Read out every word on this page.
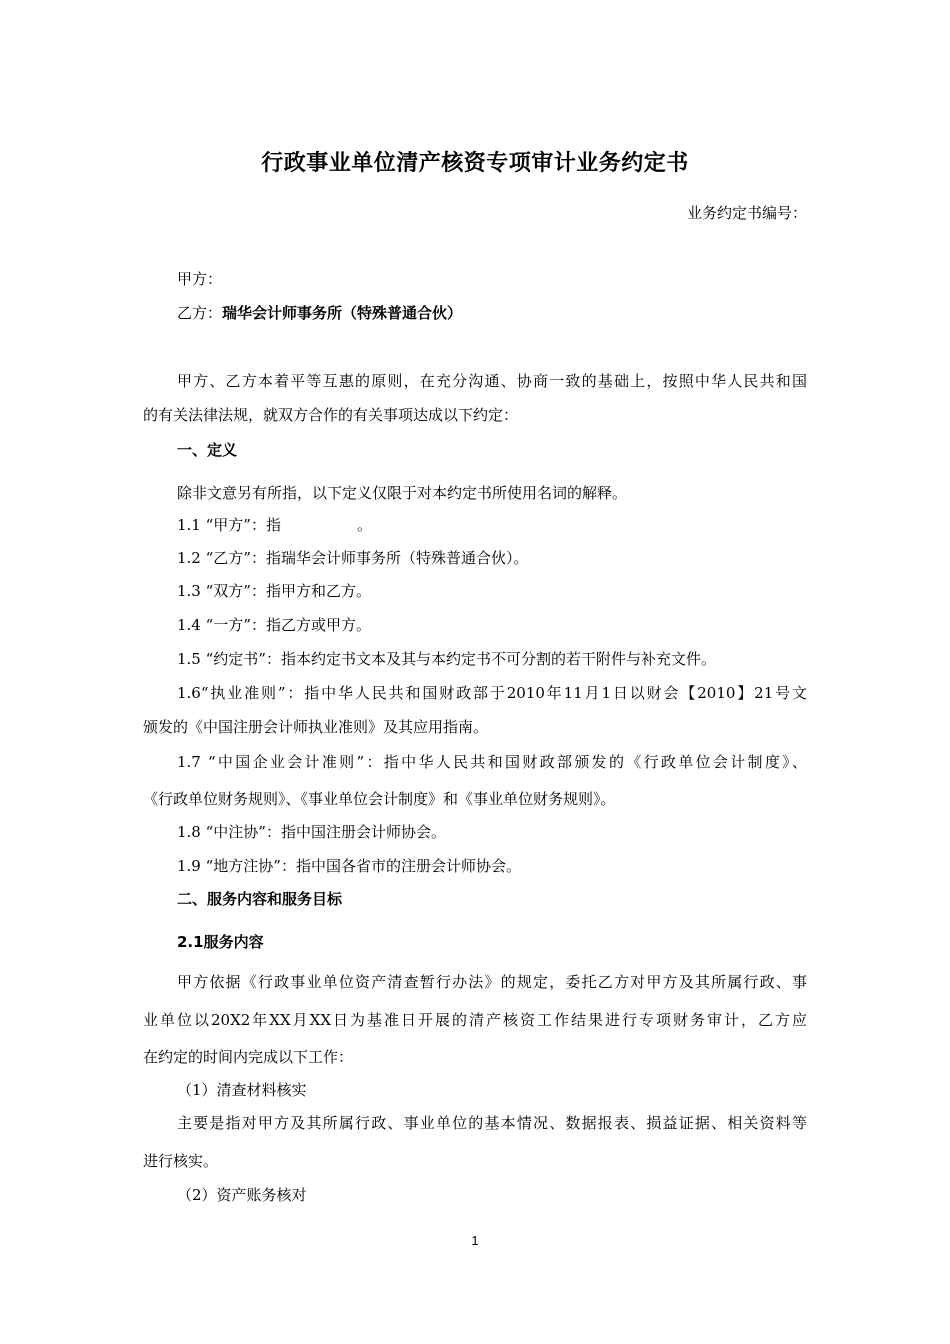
行政事业单位清产核资专项审计业务约定书
业务约定书编号：
甲方：
乙方：瑞华会计师事务所（特殊普通合伙）
甲方、乙方本着平等互惠的原则，在充分沟通、协商一致的基础上，按照中华人民共和国
的有关法律法规，就双方合作的有关事项达成以下约定：
一、定义
除非文意另有所指，以下定义仅限于对本约定书所使用名词的解释。
1.1 “甲方”：指	。
1.2 “乙方”：指瑞华会计师事务所（特殊普通合伙）。
1.3 “双方”：指甲方和乙方。
1.4 “一方”：指乙方或甲方。
1.5 “约定书”：指本约定书文本及其与本约定书不可分割的若干附件与补充文件。
1.6“执业准则”：指中华人民共和国财政部于2010年11月1日以财会【2010】21号文
颁发的《中国注册会计师执业准则》及其应用指南。
1.7 “中国企业会计准则”：指中华人民共和国财政部颁发的《行政单位会计制度》、
《行政单位财务规则》、《事业单位会计制度》和《事业单位财务规则》。
1.8 “中注协”：指中国注册会计师协会。
1.9 “地方注协”：指中国各省市的注册会计师协会。
二、服务内容和服务目标
2.1服务内容
甲方依据《行政事业单位资产清查暂行办法》的规定，委托乙方对甲方及其所属行政、事
业单位以20X2年XX月XX日为基准日开展的清产核资工作结果进行专项财务审计，乙方应
在约定的时间内完成以下工作：
（1）清查材料核实
主要是指对甲方及其所属行政、事业单位的基本情况、数据报表、损益证据、相关资料等
进行核实。
（2）资产账务核对
1
